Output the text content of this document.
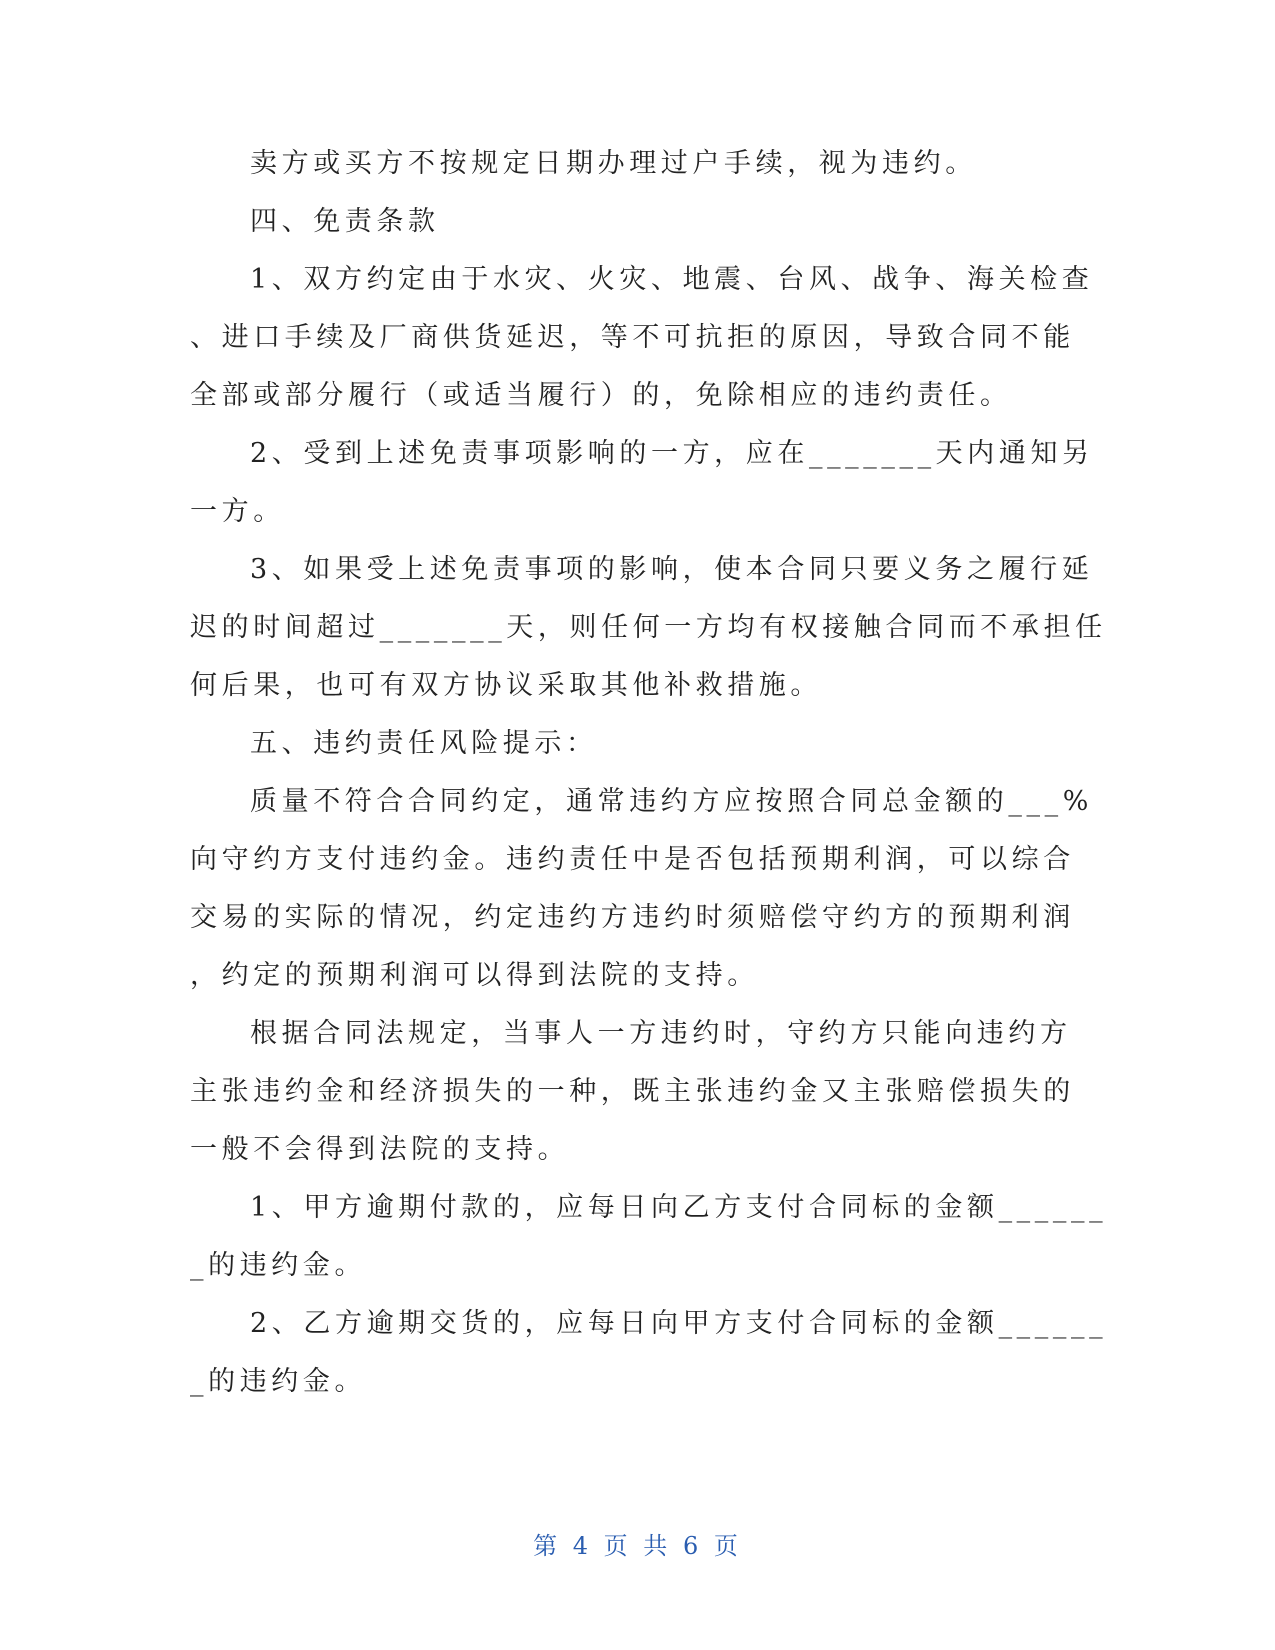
卖方或买方不按规定日期办理过户手续，视为违约。
四、免责条款
1、双方约定由于水灾、火灾、地震、台风、战争、海关检查
、进口手续及厂商供货延迟，等不可抗拒的原因，导致合同不能
全部或部分履行（或适当履行）的，免除相应的违约责任。
2、受到上述免责事项影响的一方，应在_______天内通知另
一方。
3、如果受上述免责事项的影响，使本合同只要义务之履行延
迟的时间超过_______天，则任何一方均有权接触合同而不承担任
何后果，也可有双方协议采取其他补救措施。
五、违约责任风险提示：
质量不符合合同约定，通常违约方应按照合同总金额的___%
向守约方支付违约金。违约责任中是否包括预期利润，可以综合
交易的实际的情况，约定违约方违约时须赔偿守约方的预期利润
，约定的预期利润可以得到法院的支持。
根据合同法规定，当事人一方违约时，守约方只能向违约方
主张违约金和经济损失的一种，既主张违约金又主张赔偿损失的
一般不会得到法院的支持。
1、甲方逾期付款的，应每日向乙方支付合同标的金额______
_的违约金。
2、乙方逾期交货的，应每日向甲方支付合同标的金额______
_的违约金。
第 4 页 共 6 页
